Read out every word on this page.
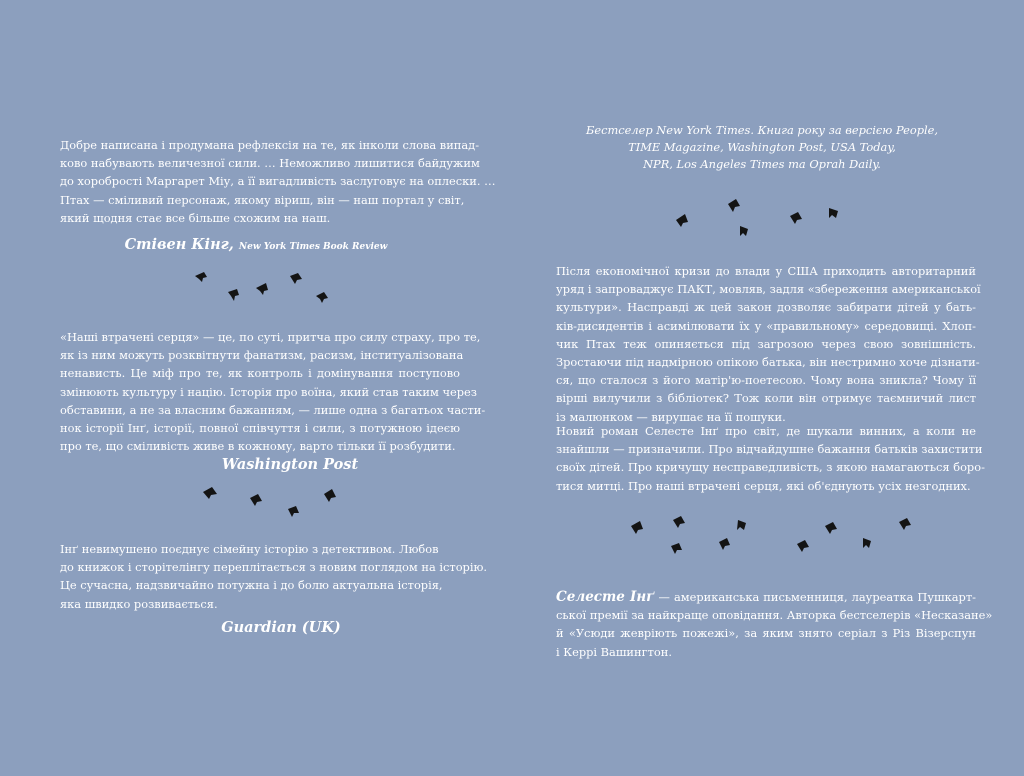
Добре написана і продумана рефлексія на те, як інколи слова випад-
ково набувають величезної сили. … Неможливо лишитися байдужим
до хоробрості Маргарет Міу, а її вигадливість заслуговує на оплески. …
Птах — сміливий персонаж, якому віриш, він — наш портал у світ,
який щодня стає все більше схожим на наш.
Стівен Кінг, New York Times Book Review
«Наші втрачені серця» — це, по суті, притча про силу страху, про те,
як із ним можуть розквітнути фанатизм, расизм, інституалізована
ненависть. Це міф про те, як контроль і домінування поступово
змінюють культуру і націю. Історія про воїна, який став таким через
обставини, а не за власним бажанням, — лише одна з багатьох части-
нок історії Інґ, історії, повної співчуття і сили, з потужною ідеєю
про те, що сміливість живе в кожному, варто тільки її розбудити.
Washington Post
Інґ невимушено поєднує сімейну історію з детективом. Любов
до книжок і сторітелінгу переплітається з новим поглядом на історію.
Це сучасна, надзвичайно потужна і до болю актуальна історія,
яка швидко розвивається.
Guardian (UK)
Бестселер New York Times. Книга року за версією People,
TIME Magazine, Washington Post, USA Today,
NPR, Los Angeles Times та Oprah Daily.
Після економічної кризи до влади у США приходить авторитарний
уряд і запроваджує ПАКТ, мовляв, задля «збереження американської
культури». Насправді ж цей закон дозволяє забирати дітей у бать-
ків-дисидентів і асимілювати їх у «правильному» середовищі. Хлоп-
чик Птах теж опиняється під загрозою через свою зовнішність.
Зростаючи під надмірною опікою батька, він нестримно хоче дізнати-
ся, що сталося з його матір'ю-поетесою. Чому вона зникла? Чому її
вірші вилучили з бібліотек? Тож коли він отримує таємничий лист
із малюнком — вирушає на її пошуки.
Новий роман Селесте Інґ про світ, де шукали винних, а коли не
знайшли — призначили. Про відчайдушне бажання батьків захистити
своїх дітей. Про кричущу несправедливість, з якою намагаються боро-
тися митці. Про наші втрачені серця, які об'єднують усіх незгодних.
Селесте Інґ — американська письменниця, лауреатка Пушкарт-
ської премії за найкраще оповідання. Авторка бестселерів «Несказане»
й «Усюди жевріють пожежі», за яким знято серіал з Різ Візерспун
і Керрі Вашингтон.
